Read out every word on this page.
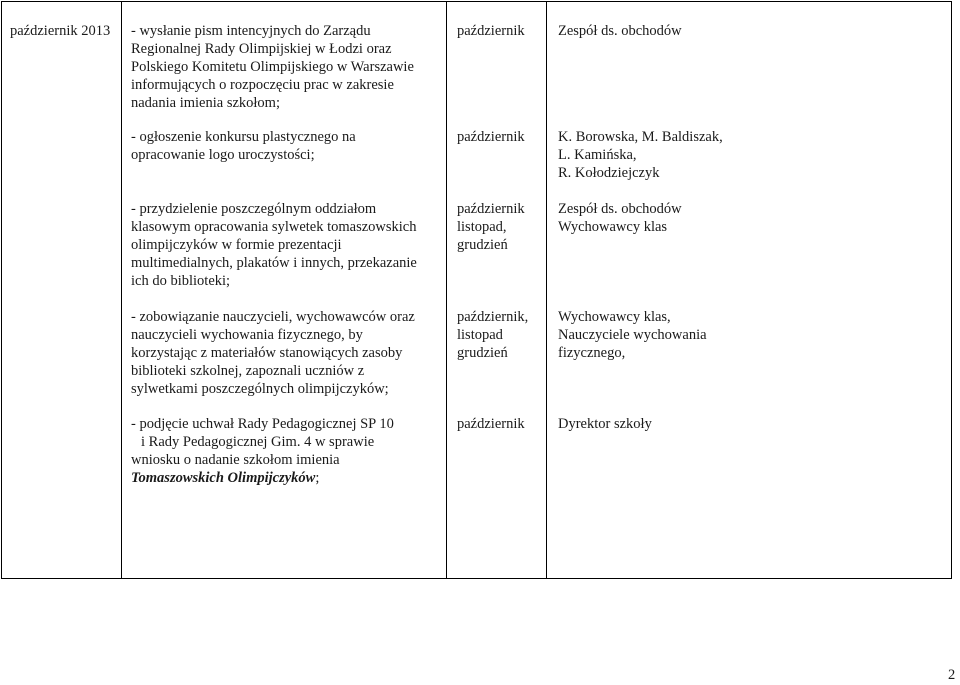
październik 2013 - wysłanie pism intencyjnych do Zarządu
Regionalnej Rady Olimpijskiej w Łodzi oraz
Polskiego Komitetu Olimpijskiego w Warszawie
informujących o rozpoczęciu prac w zakresie
nadania imienia szkołom;
październik Zespół ds. obchodów
- ogłoszenie konkursu plastycznego na
opracowanie logo uroczystości;
październik K. Borowska, M. Baldiszak,
L. Kamińska,
R. Kołodziejczyk
- przydzielenie poszczególnym oddziałom
klasowym opracowania sylwetek tomaszowskich
olimpijczyków w formie prezentacji
multimedialnych, plakatów i innych, przekazanie
ich do biblioteki;
październik
listopad,
grudzień
Zespół ds. obchodów
Wychowawcy klas
- zobowiązanie nauczycieli, wychowawców oraz
nauczycieli wychowania fizycznego, by
korzystając z materiałów stanowiących zasoby
biblioteki szkolnej, zapoznali uczniów z
sylwetkami poszczególnych olimpijczyków;
październik,
listopad
grudzień
Wychowawcy klas,
Nauczyciele wychowania
fizycznego,
- podjęcie uchwał Rady Pedagogicznej SP 10
i Rady Pedagogicznej Gim. 4 w sprawie
wniosku o nadanie szkołom imienia
Tomaszowskich Olimpijczyków;
październik Dyrektor szkoły
2
